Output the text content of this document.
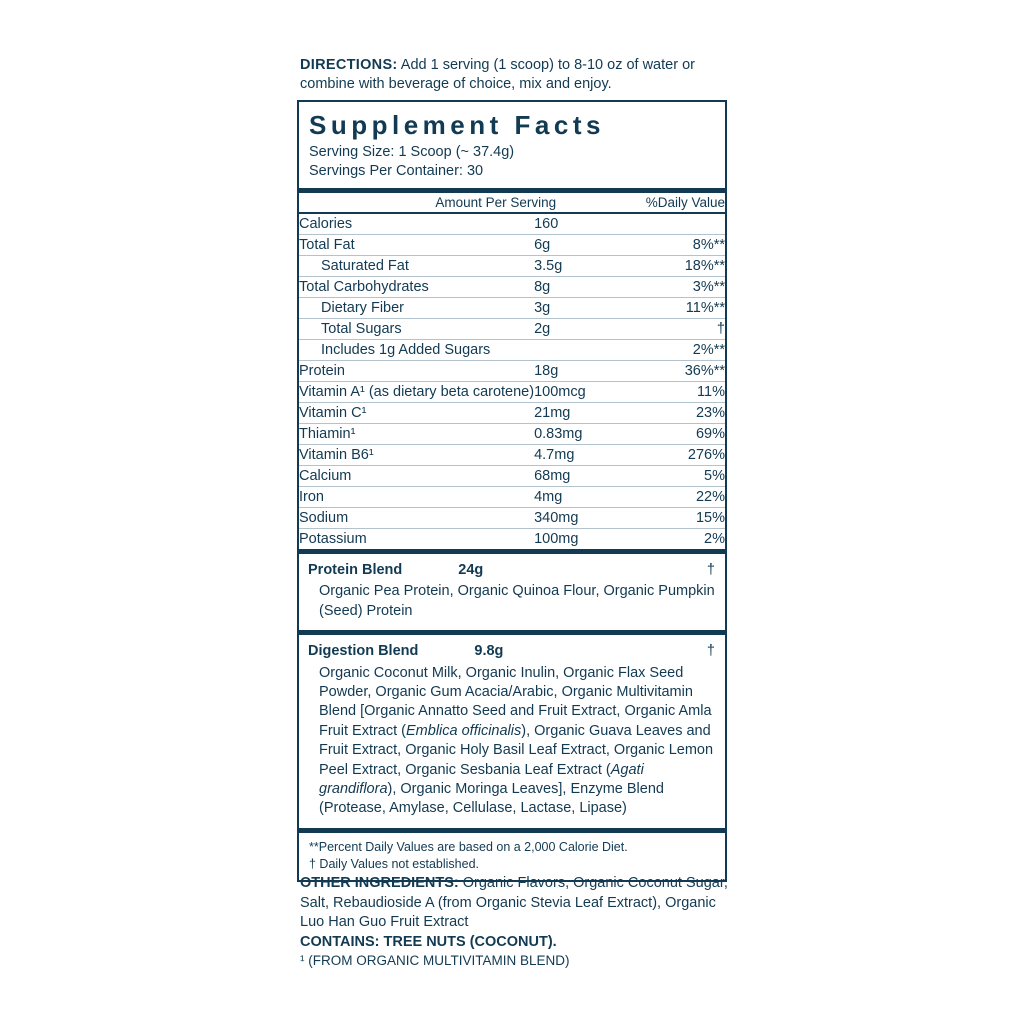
DIRECTIONS: Add 1 serving (1 scoop) to 8-10 oz of water or combine with beverage of choice, mix and enjoy.
Supplement Facts
Serving Size: 1 Scoop (~ 37.4g)
Servings Per Container: 30
	Amount Per Serving	%Daily Value
Calories	160	
Total Fat	6g	8%**
Saturated Fat	3.5g	18%**
Total Carbohydrates	8g	3%**
Dietary Fiber	3g	11%**
Total Sugars	2g	†
Includes 1g Added Sugars		2%**
Protein	18g	36%**
Vitamin A¹ (as dietary beta carotene)	100mcg	11%
Vitamin C¹	21mg	23%
Thiamin¹	0.83mg	69%
Vitamin B6¹	4.7mg	276%
Calcium	68mg	5%
Iron	4mg	22%
Sodium	340mg	15%
Potassium	100mg	2%
Protein Blend	24g	†
Organic Pea Protein, Organic Quinoa Flour, Organic Pumpkin (Seed) Protein
Digestion Blend	9.8g	†
Organic Coconut Milk, Organic Inulin, Organic Flax Seed Powder, Organic Gum Acacia/Arabic, Organic Multivitamin Blend [Organic Annatto Seed and Fruit Extract, Organic Amla Fruit Extract (Emblica officinalis), Organic Guava Leaves and Fruit Extract, Organic Holy Basil Leaf Extract, Organic Lemon Peel Extract, Organic Sesbania Leaf Extract (Agati grandiflora), Organic Moringa Leaves], Enzyme Blend (Protease, Amylase, Cellulase, Lactase, Lipase)
**Percent Daily Values are based on a 2,000 Calorie Diet.
† Daily Values not established.
OTHER INGREDIENTS: Organic Flavors, Organic Coconut Sugar, Salt, Rebaudioside A (from Organic Stevia Leaf Extract), Organic Luo Han Guo Fruit Extract
CONTAINS: TREE NUTS (COCONUT).
¹ (FROM ORGANIC MULTIVITAMIN BLEND)
